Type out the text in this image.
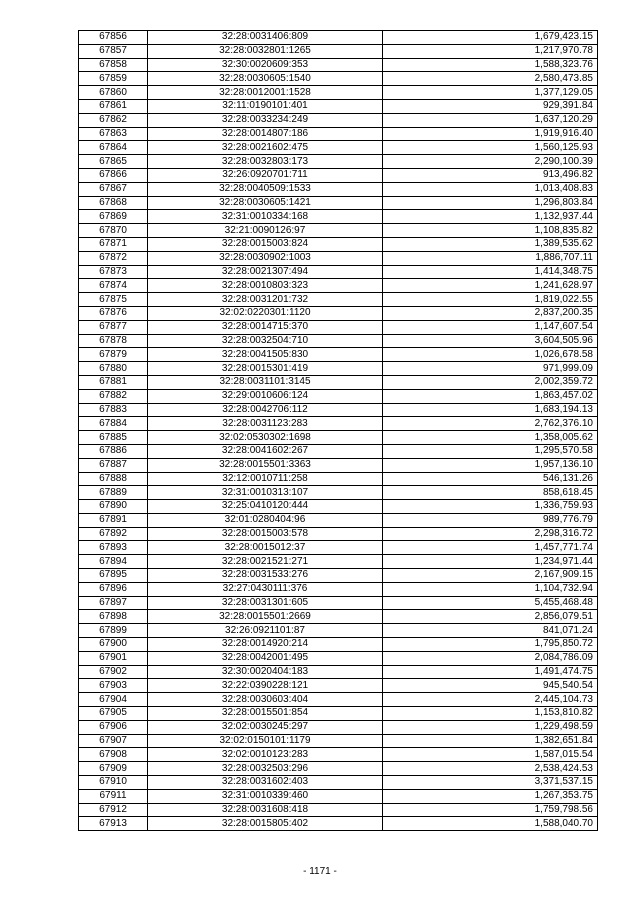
67856	32:28:0031406:809	1,679,423.15
67857	32:28:0032801:1265	1,217,970.78
67858	32:30:0020609:353	1,588,323.76
67859	32:28:0030605:1540	2,580,473.85
67860	32:28:0012001:1528	1,377,129.05
67861	32:11:0190101:401	929,391.84
67862	32:28:0033234:249	1,637,120.29
67863	32:28:0014807:186	1,919,916.40
67864	32:28:0021602:475	1,560,125.93
67865	32:28:0032803:173	2,290,100.39
67866	32:26:0920701:711	913,496.82
67867	32:28:0040509:1533	1,013,408.83
67868	32:28:0030605:1421	1,296,803.84
67869	32:31:0010334:168	1,132,937.44
67870	32:21:0090126:97	1,108,835.82
67871	32:28:0015003:824	1,389,535.62
67872	32:28:0030902:1003	1,886,707.11
67873	32:28:0021307:494	1,414,348.75
67874	32:28:0010803:323	1,241,628.97
67875	32:28:0031201:732	1,819,022.55
67876	32:02:0220301:1120	2,837,200.35
67877	32:28:0014715:370	1,147,607.54
67878	32:28:0032504:710	3,604,505.96
67879	32:28:0041505:830	1,026,678.58
67880	32:28:0015301:419	971,999.09
67881	32:28:0031101:3145	2,002,359.72
67882	32:29:0010606:124	1,863,457.02
67883	32:28:0042706:112	1,683,194.13
67884	32:28:0031123:283	2,762,376.10
67885	32:02:0530302:1698	1,358,005.62
67886	32:28:0041602:267	1,295,570.58
67887	32:28:0015501:3363	1,957,136.10
67888	32:12:0010711:258	546,131.26
67889	32:31:0010313:107	858,618.45
67890	32:25:0410120:444	1,336,759.93
67891	32:01:0280404:96	989,776.79
67892	32:28:0015003:578	2,298,316.72
67893	32:28:0015012:37	1,457,771.74
67894	32:28:0021521:271	1,234,971.44
67895	32:28:0031533:276	2,167,909.15
67896	32:27:0430111:376	1,104,732.94
67897	32:28:0031301:605	5,455,468.48
67898	32:28:0015501:2669	2,856,079.51
67899	32:26:0921101:87	841,071.24
67900	32:28:0014920:214	1,795,850.72
67901	32:28:0042001:495	2,084,786.09
67902	32:30:0020404:183	1,491,474.75
67903	32:22:0390228:121	945,540.54
67904	32:28:0030603:404	2,445,104.73
67905	32:28:0015501:854	1,153,810.82
67906	32:02:0030245:297	1,229,498.59
67907	32:02:0150101:1179	1,382,651.84
67908	32:02:0010123:283	1,587,015.54
67909	32:28:0032503:296	2,538,424.53
67910	32:28:0031602:403	3,371,537.15
67911	32:31:0010339:460	1,267,353.75
67912	32:28:0031608:418	1,759,798.56
67913	32:28:0015805:402	1,588,040.70
- 1171 -
